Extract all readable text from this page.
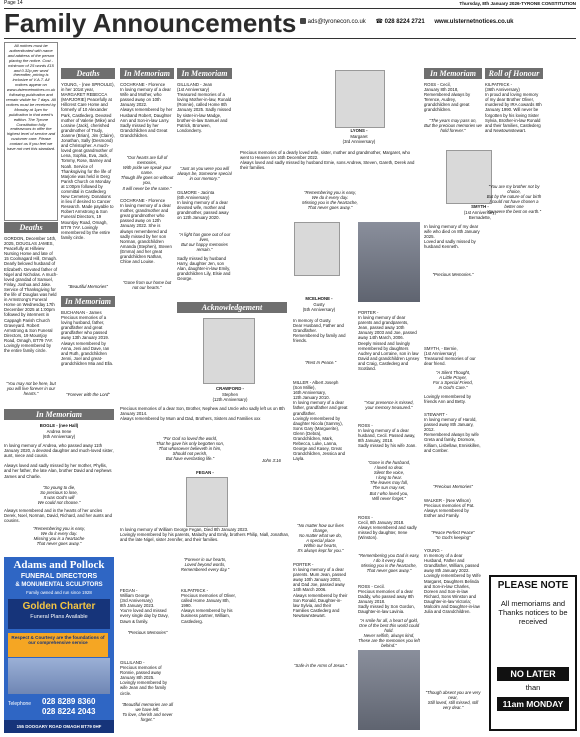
Page 14	Thursday, 8th January 2026-TYRONE CONSTITUTION
Family Announcements	ads@tyronecon.co.uk ☎ 028 8224 2721 www.ulsternetnotices.co.uk
All notices must be authenticated with name and address of the person placing the notice. Cost - minimum of 25 words £15 and 0.32p per word thereafter, pricing is inclusive of V.A.T. All notices appear on www.ulsternetnotices.co.uk following publication and remain visible for 7 days. All notices must be received by Monday at 1pm for publication in that week's edition. The Tyrone Constitution fully endeavours to offer the highest level of service and customer care. Please contact us if you feel we have not met this standard.
Deaths
GORDON, December 14th, 2025, DOUGLAS JAMES, Peacefully at Hillview Nursing Home and late of 15 Coolnagard Hill, Omagh. Dearly beloved husband of Elizabeth. Devoted father of Nigel and Nicholas. A much-loved grandad of Samuel, Finlay, Joshua and Jake. Service of Thanksgiving for the life of Douglas was held in Armstrong's Funeral Home on Wednesday 17th December 2025 at 1:00pm followed by interment in Cappagh Parish Church Graveyard. Robert Armstrong & Son Funeral Directors, 19 Mountjoy Road, Omagh, BT79 7AY. Lovingly remembered by the entire family circle.
"You may not be here, but you will live forever in our hearts."
In Memoriam
BOGLE - (nee Hall)
Andrea Irene
(6th Anniversary)
In loving memory of Andrea, who passed away 11th January 2020, a devoted daughter and much-loved sister, aunt, niece and cousin.

Always loved and sadly missed by her mother, Phyllis, and her father, the late Alan, brother David and nephews James and Charlie.
"So young to die,
So precious to lose,
It was God's will
We could not choose."
Always remembered and in the hearts of her uncles Derek, Noel, Norman, David, Richard, and her aunts and cousins.
"Remembering you is easy,
We do it every day.
Missing you is a heartache
That never goes away."
Adams and Pollock
FUNERAL DIRECTORS
& MONUMENTAL SCULPTORS
Family owned and run since 1928
Golden Charter
Funeral Plans Available
Respect & Courtesy are the foundations of our comprehensive service
Telephone	028 8289 8360
028 8224 2043
155 DOOGARY ROAD OMAGH BT79 0HF
Deaths
YOUNG, - (nee SPROULE), in her 101st year, MARGARET REBECCA (MARJORIE) Peacefully at Hillcrest Care Home and formerly of 10 Alexander Park, Castlederg. Devoted mother of Valerie (Mike) and Loraine (Jack), cherished grandmother of Trudy, Joanne (Brian), Jim (Claire), Jonathan, Sally (Desmond) and Christopher. A much-loved great grandmother of Lena, Sophia, Eva, Jack, Tommy, Rose, Barney and Noah. Service of Thanksgiving for the life of Marjorie was held in Derg Parish Church on Monday at 1:00pm followed by committal in Castlederg New Cemetery. Donations in lieu if desired to Cancer Research. Made payable to Robert Armstrong & Son Funeral Directors, 19 Mountjoy Road, Omagh, BT79 7AY. Lovingly remembered by the entire family circle.
"Beautiful Memories"
In Memoriam
BUCHANAN - James
Precious memories of a loving husband, father, grandfather and great grandfather who passed away 13th January 2019.
Always remembered by Anna, Jeni and Dave, Ian and Ruth, grandchildren Jenni, Joel and great-grandchildren Mia and Ella.
"Forever with the Lord"
In Memoriam
COCHRANE - Florence
In loving memory of a dear Wife and Mother, who passed away on 10th January 2022.
Always remembered by her Husband Robert, Daughter Ann and Son-in-law Larry. Sadly missed by her Grandchildren and Great Grandchildren.
"Our hearts are full of memories,
With pride we speak your name.
Though life goes on without you,
It will never be the same."
COCHRANE - Florence
In loving memory of a dear mother, grandmother and great grandmother who passed away on 12th January 2022. She is always remembered and sadly missed by her son Norman, grandchildren Amanda (Stephen), Steven (Emma) and her great grandchildren Nathan, Chloe and Louise.
"Gone from our home but not our hearts."
In Memoriam
GILLILAND - Jean
(1st Anniversary)
Treasured memories of a loving Mother-in-law, Ronald (Ronnie), called Home 8th January 2025. Sadly missed by sister-in-law Madge, brother-in-law Samuel and Patrick, Bronwen, Londonderry.
"Just as you were you will always be, Someone special in our memory."
GILMORE - Jacinta
(6th Anniversary)
In loving memory of a dear devoted wife, mother and grandmother, passed away on 12th January 2020.
"A light has gone out of our lives,
But our happy memories remain."
Sadly missed by husband Harry, daughter Jen, son Alan, daughter-in-law Emily, grandchildren Lily, Elsie and George.
Acknowledgement
CRAWFORD -
Stephen
(12th Anniversary)
Precious memories of a dear Son, Brother, Nephew and Uncle who sadly left us on 8th January 2014.
Always remembered by Mum and Dad, Brothers, Sisters and Families xxx
"For God so loved the world,
That he gave his only begotten son,
That whosoever believeth in him,
Should not perish,
But have everlasting life."	John 3:16
FEGAN -
In loving memory of William George Fegan, Died 8th January 2023.
Lovingly remembered by his parents, Malachy and Emily, brothers Philip, Niall, Jonathan, and the late Nigel, sister Jennifer, and their families.
"Forever in our hearts,
Loved beyond words,
Remembered every day."
FEGAN -
William George
(3rd Anniversary)
8th January 2023.
You're loved and missed every single day by Davy, Dawn & family.
"Precious Memories"
GILLILAND -
Precious memories of Ronnie, passed away January 8th 2025.
Lovingly remembered by wife Jean and the family circle.
"Beautiful memories are all we have left.
To love, cherish and never forget."
KILPATRICK -
Precious memories of Oliver, called Home January 8th, 1990.
Always remembered by his business partner, William, Castlederg.
LYONS -
Margaret
(3rd Anniversary)
Precious memories of a dearly loved wife, sister, mother and grandmother, Margaret, who went to Heaven on 16th December 2022.
Always loved and sadly missed by husband Ernie, sons Andrew, Steven, Gareth, Derek and their families.
"Remembering you is easy,
We do it every day.
Missing you is the heartache,
That never goes away."
MCELHONE -
Gusty
(5th Anniversary)
In memory of Gusty.
Dear Husband, Father and Grandfather.
Remembered by family and friends.
"Rest In Peace."
MILLER - Albert Joseph (Son Millie),
16th Anniversary,
12th January 2010.
In loving memory of a dear father, grandfather and great grandfather.
Lovingly remembered by daughter Nicola (Sammy), Sons Gary (Marguerite), Glenn (Debra), Grandchildren, Mark, Rebecca, Luke, Lanna, George and Kasey, Great Grandchildren, Jessica and Layla.
"No matter how our lives change,
No matter what we do,
A special place
Within our hearts,
It's always kept for you."
PORTER -
In loving memory of a dear parents. Mum Jean, passed away 10th January 2003, and Dad Joe, passed away 14th March 2006.
Always remembered by their Son Ronald, Daughter-in-law Sylvia, and their Families Castlederg and Newtownstewart.
"Safe in the Arms of Jesus."
PORTER -
In loving memory of dear parents and grandparents, Jean, passed away 10th January 2003 and Joe, passed away 14th March, 2006.
Deeply missed and lovingly remembered by daughters Audrey and Lorraine, son in law David and grandchildren Lynsey and Craig, Castlederg and Scotland.
"Your presence is missed,
your memory treasured."
ROSS -
In loving memory of a dear husband, Cecil. Passed away, 8th January, 2018.
Sadly missed by his wife Joan.
"Gone is the husband,
I loved so dear.
Silent the voice,
I long to hear.
The leaves may fall,
The sun may set,
But I who loved you,
Will never forget."
ROSS -
Cecil, 8th January 2018.
Always remembered and sadly missed by daughter, Irene (Winston).
"Remembering you Dad is easy,
I do it every day,
Missing you is the heartache,
That never goes away."
ROSS - Cecil.
Precious memories of a dear Daddy, who passed away 8th January 2018.
Sadly missed by Son Gordon, Daughter-in-law Lavinia.
"A smile for all, a heart of gold,
One of the best this world could hold.
Never selfish, always kind,
These are the memories you left behind."
In Memoriam
ROSS - Cecil,
January 8th 2018,
Remembered always by Terence, Audrey, grandchildren and great grandchildren.
"The years may pass on,
But the precious memories we hold forever."
SMYTH -
(1st Anniversary)
Bernadette,
In loving memory of my dear wife who died on 8th January 2025.
Loved and sadly missed by husband Kenneth.
"Precious Memories."
SMYTH, - Bernie,
(1st Anniversary)
Treasured memories of our dear friend.
"A Silent Thought,
A Little Prayer,
For a Special Friend,
In God's Care."
Lovingly remembered by friends Ann and Betty.
STEWART -
In loving memory of Harold, passed away 8th January, 2012.
Remembered always by wife Greta and family, Dromore, Killiam, Lisbellaw, Enniskillen, and Comber.
"Precious Memories"
WALKER - (Nee Wilson)
Precious memories of Pat.
Always remembered by Esther and Family.
"Peace Perfect Peace"
"In God's keeping"
YOUNG -
In memory of a dear Husband, Father and Grandfather, William, passed away 8th January 2022.
Lovingly remembered by Wife Margaret, Daughters Belinda and Son-in-law Charles, Doreen and Son-in-law Richard, Sons Winston and Daughter-in-law Victoria; Malcolm and Daughter-in-law Julia and Grandchildren.
"Though absent you are very near,
Still loved, still missed, still very dear."
Roll of Honour
KILPATRICK -
(36th Anniversary)
In proud and loving memory of my dear Brother Oliver, murdered by IRA cowards 8th January 1990. Will never be forgotten by his loving Sister Sylvia, Brother-in-law Ronald and their families, Castlederg and Newtownstewart.
"You are my brother not by choice,
But by the nature of our birth
I could not have chosen a better one
You were the best on earth."
PLEASE NOTE
All memoriams and Thanks notices to be received
NO LATER
than
11am MONDAY
